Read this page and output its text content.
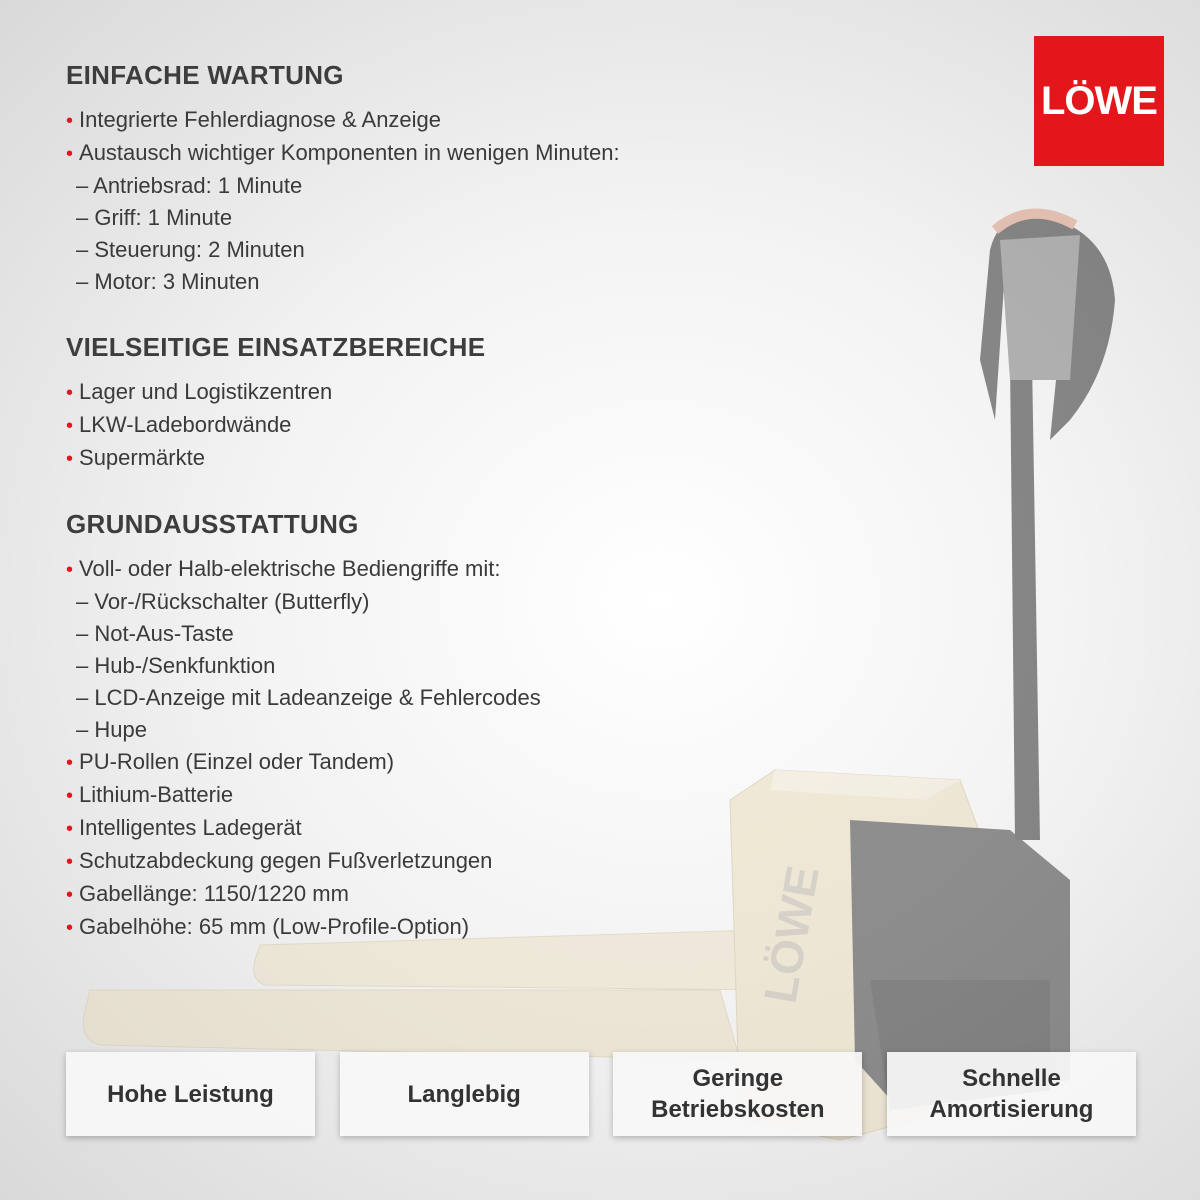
LÖWE
LÖWE
EINFACHE WARTUNG
• Integrierte Fehlerdiagnose & Anzeige
• Austausch wichtiger Komponenten in wenigen Minuten:
– Antriebsrad: 1 Minute
– Griff: 1 Minute
– Steuerung: 2 Minuten
– Motor: 3 Minuten
VIELSEITIGE EINSATZBEREICHE
• Lager und Logistikzentren
• LKW-Ladebordwände
• Supermärkte
GRUNDAUSSTATTUNG
• Voll- oder Halb-elektrische Bediengriffe mit:
– Vor-/Rückschalter (Butterfly)
– Not-Aus-Taste
– Hub-/Senkfunktion
– LCD-Anzeige mit Ladeanzeige & Fehlercodes
– Hupe
• PU-Rollen (Einzel oder Tandem)
• Lithium-Batterie
• Intelligentes Ladegerät
• Schutzabdeckung gegen Fußverletzungen
• Gabellänge: 1150/1220 mm
• Gabelhöhe: 65 mm (Low-Profile-Option)
Hohe Leistung	Langlebig
Geringe
Betriebskosten
Schnelle
Amortisierung
